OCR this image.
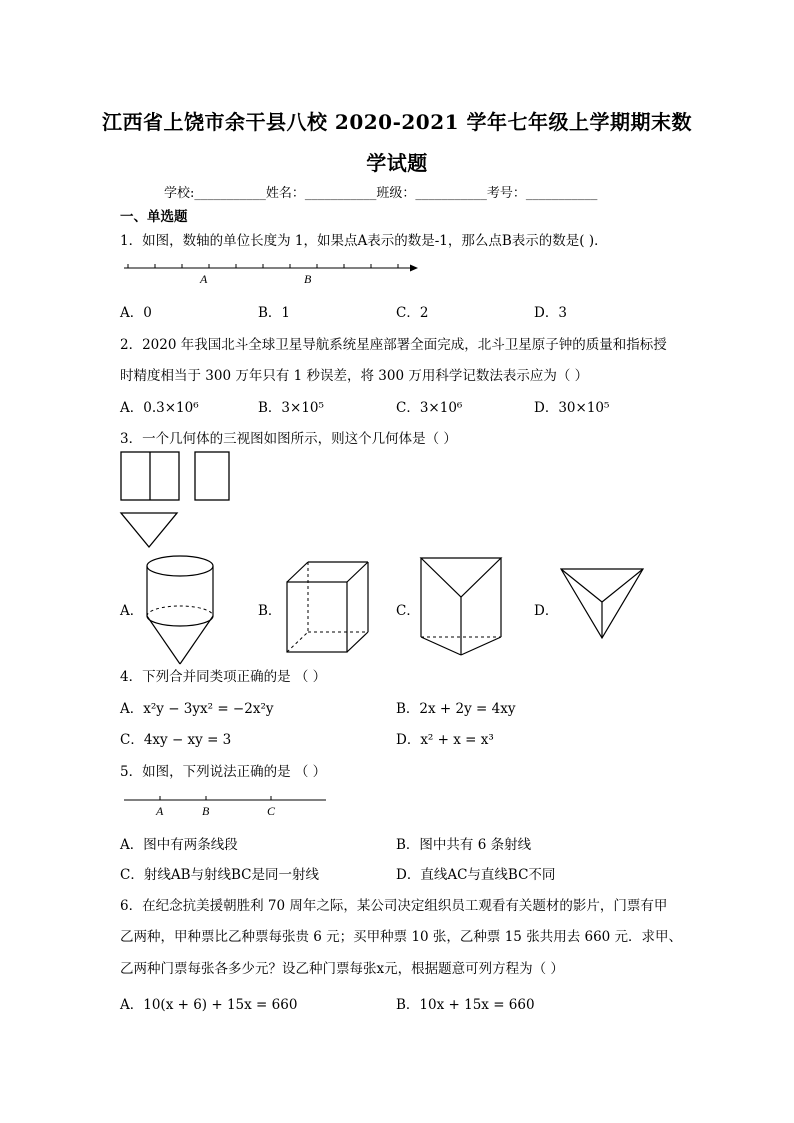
江西省上饶市余干县八校 2020-2021 学年七年级上学期期末数
学试题
学校:___________姓名：___________班级：___________考号：___________
一、单选题
1．如图，数轴的单位长度为 1，如果点A表示的数是-1，那么点B表示的数是( )．
A	B
A．0	B．1	C．2	D．3
2．2020 年我国北斗全球卫星导航系统星座部署全面完成，北斗卫星原子钟的质量和指标授
时精度相当于 300 万年只有 1 秒误差，将 300 万用科学记数法表示应为（ ）
A．0.3×10⁶	B．3×10⁵	C．3×10⁶	D．30×10⁵
3．一个几何体的三视图如图所示，则这个几何体是（ ）
A．	B．	C．	D．
4．下列合并同类项正确的是 （ ）
A．x²y − 3yx² = −2x²y	B．2x + 2y = 4xy
C．4xy − xy = 3	D．x² + x = x³
5．如图，下列说法正确的是 （ ）
A	B	C
A．图中有两条线段	B．图中共有 6 条射线
C．射线AB与射线BC是同一射线	D．直线AC与直线BC不同
6．在纪念抗美援朝胜利 70 周年之际，某公司决定组织员工观看有关题材的影片，门票有甲
乙两种，甲种票比乙种票每张贵 6 元；买甲种票 10 张，乙种票 15 张共用去 660 元．求甲、
乙两种门票每张各多少元？设乙种门票每张x元，根据题意可列方程为（ ）
A．10(x + 6) + 15x = 660	B．10x + 15x = 660
